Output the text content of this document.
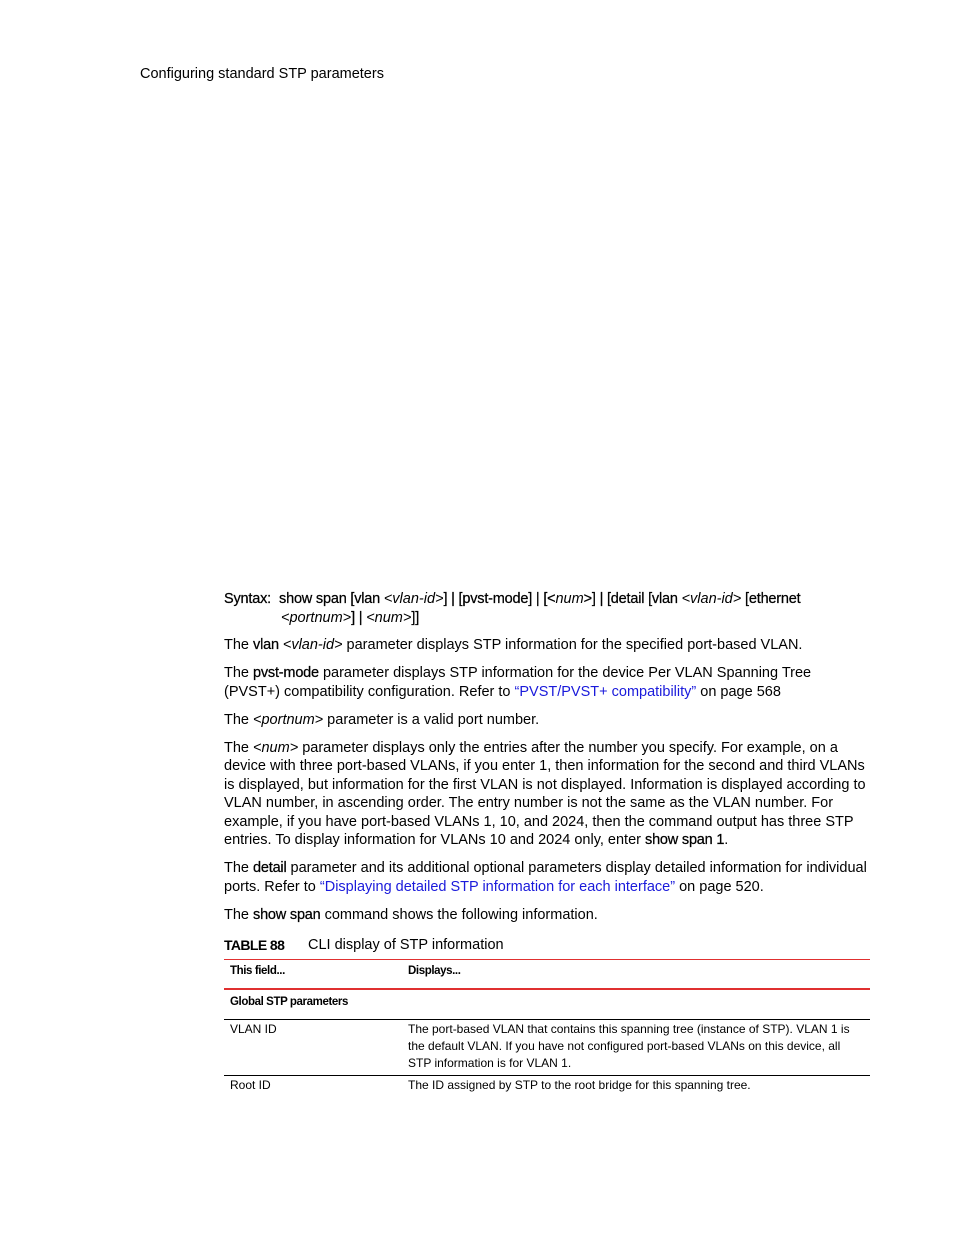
Configuring standard STP parameters
Syntax: show span [vlan <vlan-id>] | [pvst-mode] | [<num>] | [detail [vlan <vlan-id> [ethernet
<portnum>] | <num>]]

The vlan <vlan-id> parameter displays STP information for the specified port-based VLAN.

The pvst-mode parameter displays STP information for the device Per VLAN Spanning Tree (PVST+) compatibility configuration. Refer to “PVST/PVST+ compatibility” on page 568

The <portnum> parameter is a valid port number.

The <num> parameter displays only the entries after the number you specify. For example, on a device with three port-based VLANs, if you enter 1, then information for the second and third VLANs is displayed, but information for the first VLAN is not displayed. Information is displayed according to VLAN number, in ascending order. The entry number is not the same as the VLAN number. For example, if you have port-based VLANs 1, 10, and 2024, then the command output has three STP entries. To display information for VLANs 10 and 2024 only, enter show span 1.

The detail parameter and its additional optional parameters display detailed information for individual ports. Refer to “Displaying detailed STP information for each interface” on page 520.

The show span command shows the following information.

TABLE 88	CLI display of STP information
This field...	Displays...
Global STP parameters	
VLAN ID	The port-based VLAN that contains this spanning tree (instance of STP). VLAN 1 is the default VLAN. If you have not configured port-based VLANs on this device, all STP information is for VLAN 1.
Root ID	The ID assigned by STP to the root bridge for this spanning tree.
